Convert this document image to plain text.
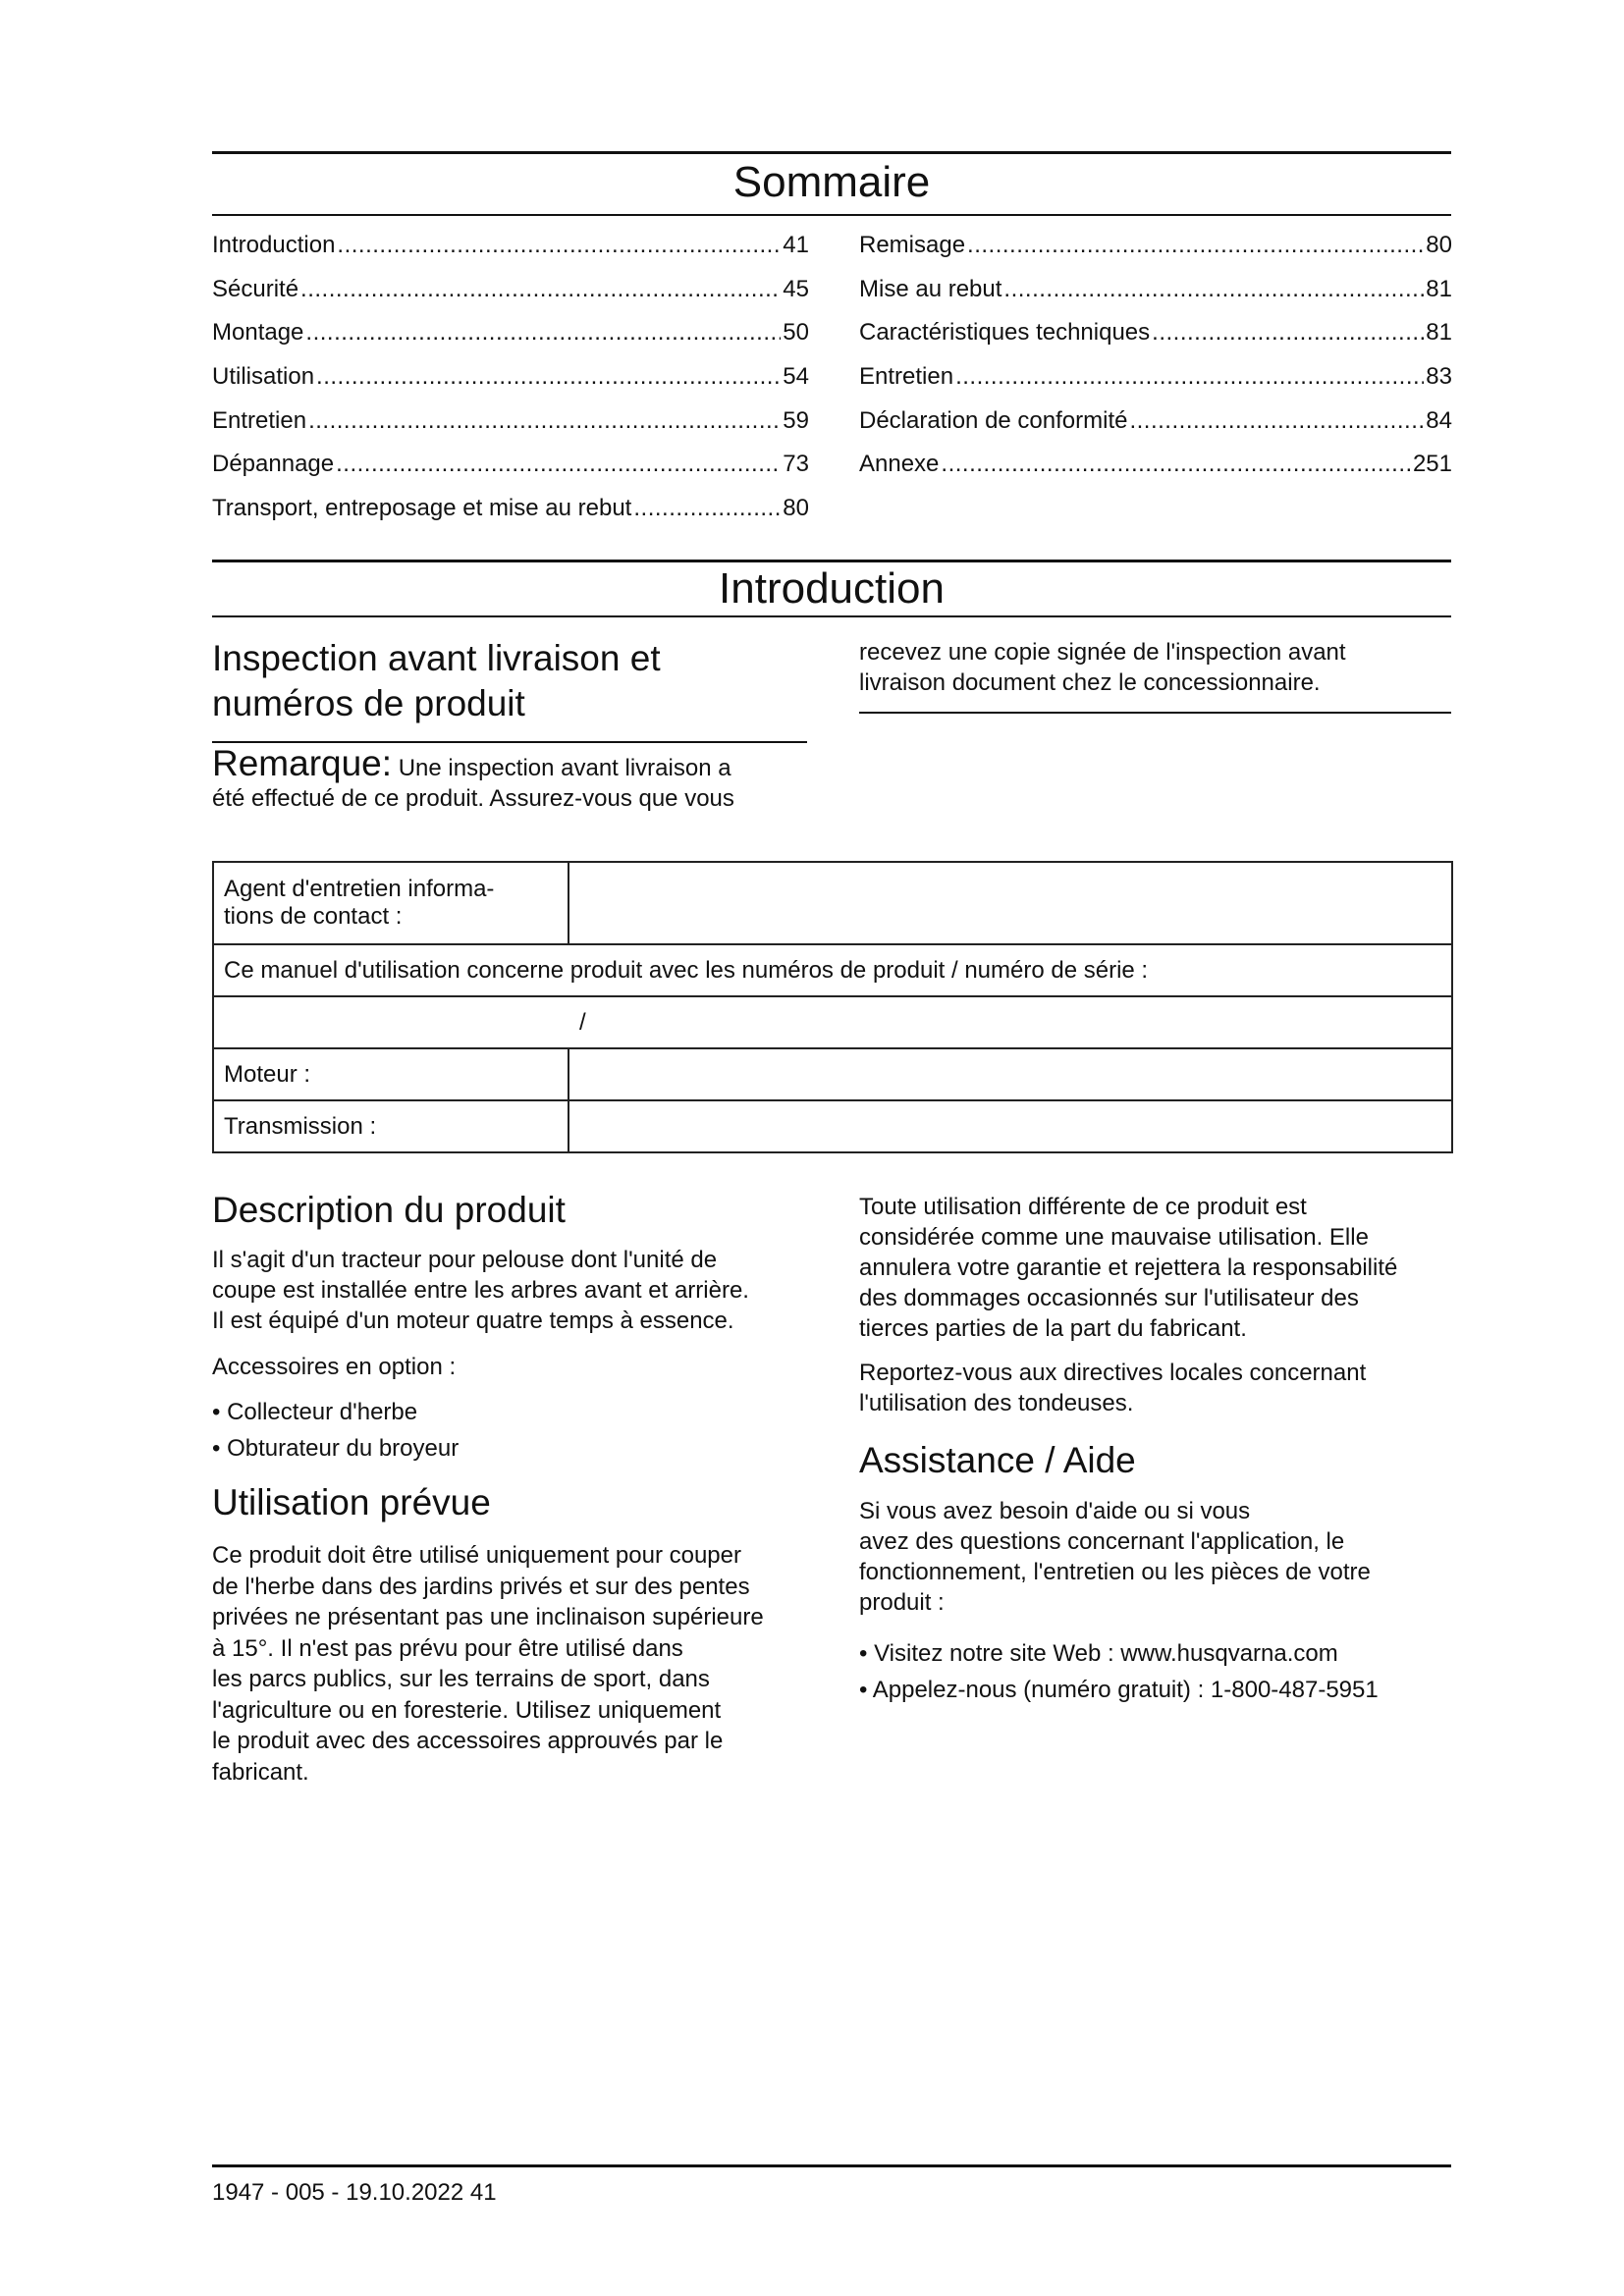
Sommaire
Introduction .....	41
Sécurité .....	45
Montage .....	50
Utilisation .....	54
Entretien .....	59
Dépannage .....	73
Transport, entreposage et mise au rebut .....	80
Remisage .....	80
Mise au rebut .....	81
Caractéristiques techniques .....	81
Entretien .....	83
Déclaration de conformité .....	84
Annexe .....	251
Introduction
Inspection avant livraison et
numéros de produit

Remarque: Une inspection avant livraison a
été effectué de ce produit. Assurez-vous que vous

recevez une copie signée de l'inspection avant
livraison document chez le concessionnaire.

Agent d'entretien informa-
tions de contact :	
Ce manuel d'utilisation concerne produit avec les numéros de produit / numéro de série :	
/	
Moteur :	
Transmission :	
Description du produit

Il s'agit d'un tracteur pour pelouse dont l'unité de
coupe est installée entre les arbres avant et arrière.
Il est équipé d'un moteur quatre temps à essence.

Accessoires en option :

• Collecteur d'herbe

• Obturateur du broyeur

Utilisation prévue

Ce produit doit être utilisé uniquement pour couper
de l'herbe dans des jardins privés et sur des pentes
privées ne présentant pas une inclinaison supérieure
à 15°. Il n'est pas prévu pour être utilisé dans
les parcs publics, sur les terrains de sport, dans
l'agriculture ou en foresterie. Utilisez uniquement
le produit avec des accessoires approuvés par le
fabricant.

Toute utilisation différente de ce produit est
considérée comme une mauvaise utilisation. Elle
annulera votre garantie et rejettera la responsabilité
des dommages occasionnés sur l'utilisateur des
tierces parties de la part du fabricant.

Reportez-vous aux directives locales concernant
l'utilisation des tondeuses.

Assistance / Aide

Si vous avez besoin d'aide ou si vous
avez des questions concernant l'application, le
fonctionnement, l'entretien ou les pièces de votre
produit :

• Visitez notre site Web : www.husqvarna.com

• Appelez-nous (numéro gratuit) : 1-800-487-5951

1947 - 005 - 19.10.2022 41
